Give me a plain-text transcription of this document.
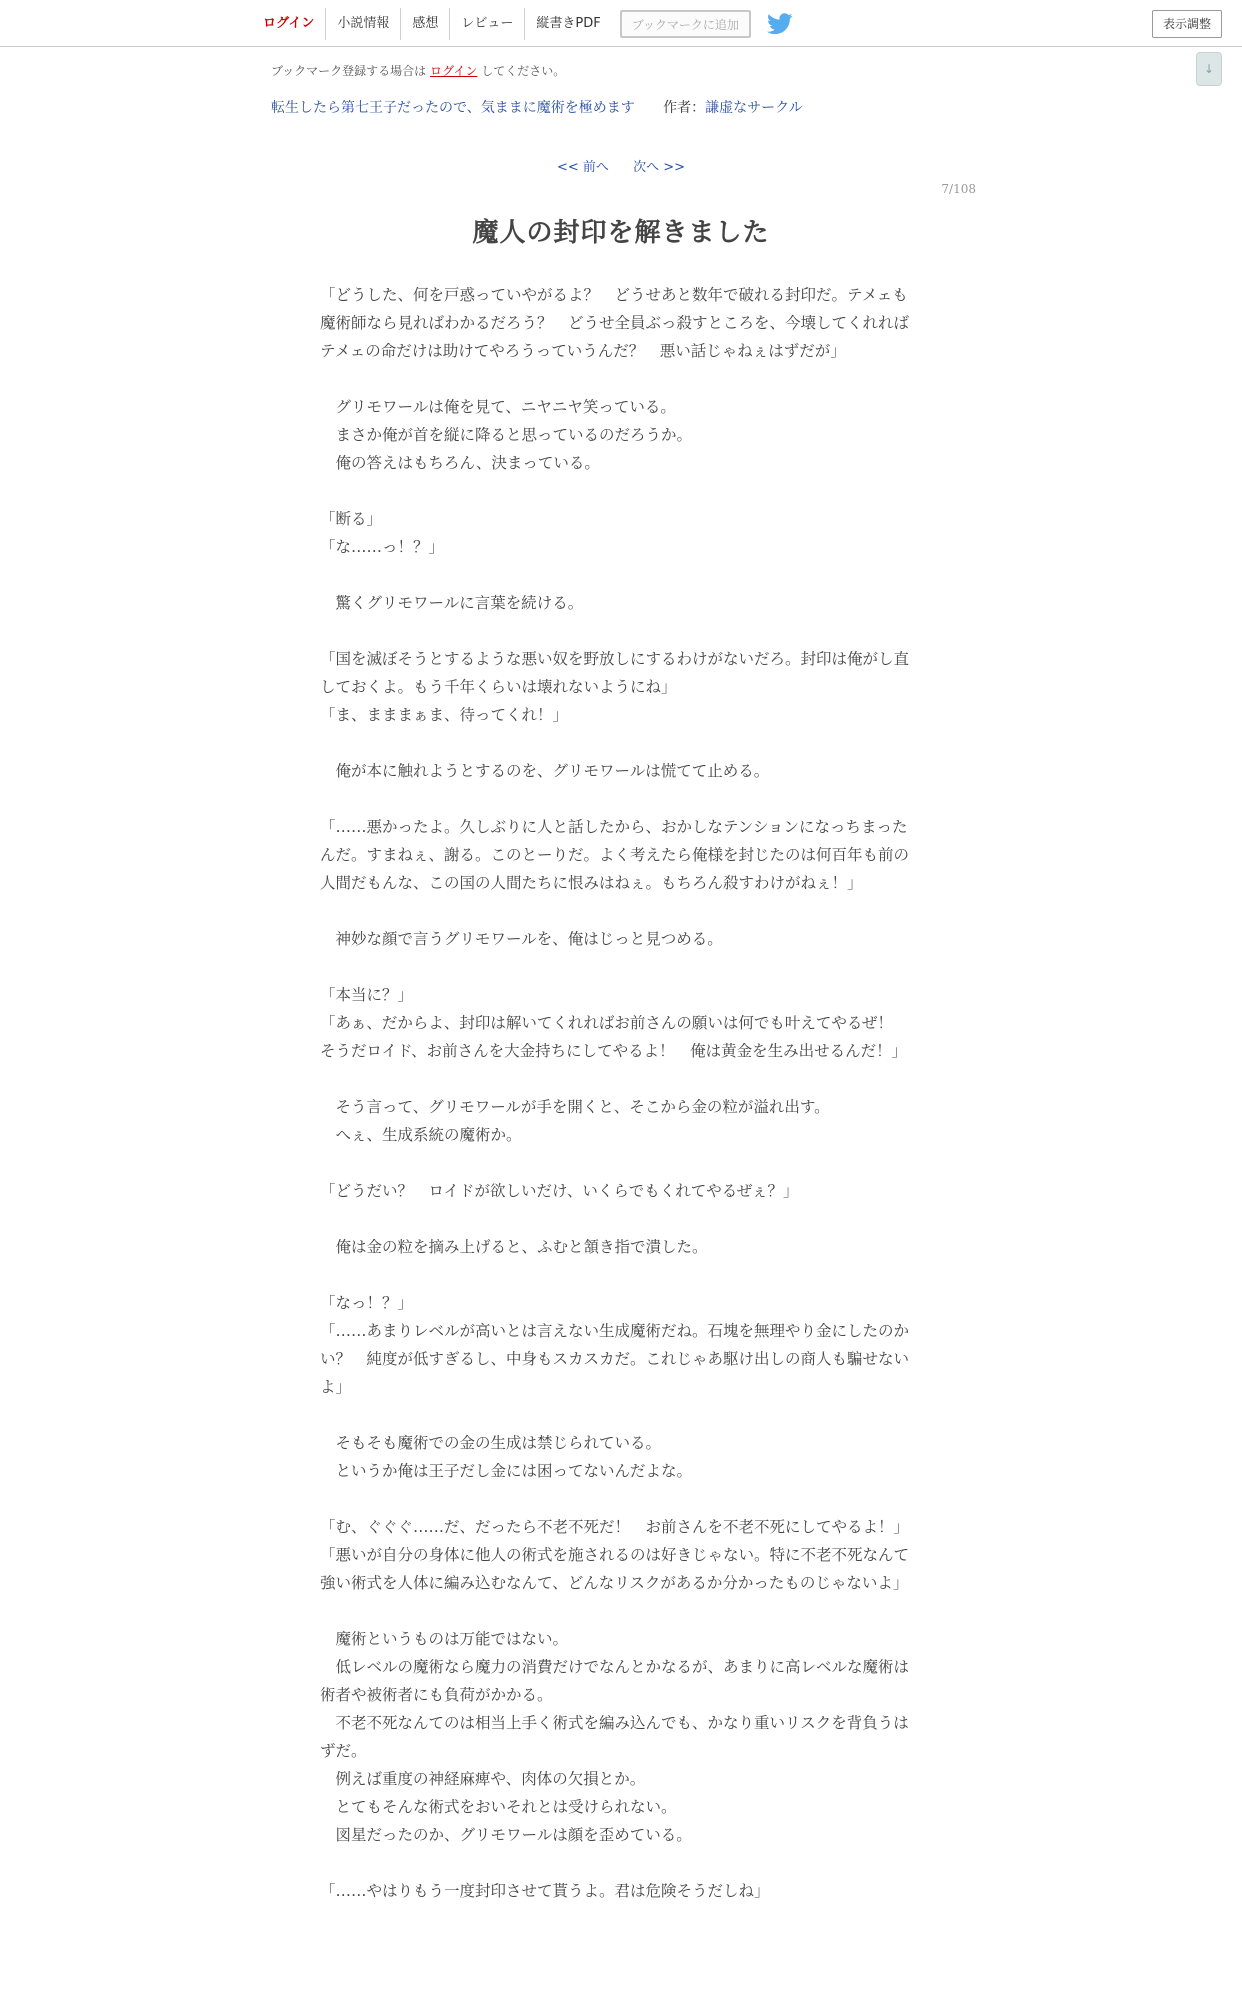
ログイン	小説情報	感想	レビュー	縦書きPDF	ブックマークに追加	表示調整
↓
ブックマーク登録する場合は ログイン してください。
転生したら第七王子だったので、気ままに魔術を極めます 作者：謙虚なサークル
<< 前へ 次へ >>
7/108
魔人の封印を解きました

「どうした、何を戸惑っていやがるよ？　どうせあと数年で破れる封印だ。テメェも魔術師なら見ればわかるだろう？　どうせ全員ぶっ殺すところを、今壊してくれればテメェの命だけは助けてやろうっていうんだ？　悪い話じゃねぇはずだが」

　グリモワールは俺を見て、ニヤニヤ笑っている。

　まさか俺が首を縦に降ると思っているのだろうか。

　俺の答えはもちろん、決まっている。

「断る」

「な……っ！？」

　驚くグリモワールに言葉を続ける。

「国を滅ぼそうとするような悪い奴を野放しにするわけがないだろ。封印は俺がし直しておくよ。もう千年くらいは壊れないようにね」

「ま、まままぁま、待ってくれ！」

　俺が本に触れようとするのを、グリモワールは慌てて止める。

「……悪かったよ。久しぶりに人と話したから、おかしなテンションになっちまったんだ。すまねぇ、謝る。このとーりだ。よく考えたら俺様を封じたのは何百年も前の人間だもんな、この国の人間たちに恨みはねぇ。もちろん殺すわけがねぇ！」

　神妙な顔で言うグリモワールを、俺はじっと見つめる。

「本当に？」

「あぁ、だからよ、封印は解いてくれればお前さんの願いは何でも叶えてやるぜ！　そうだロイド、お前さんを大金持ちにしてやるよ！　俺は黄金を生み出せるんだ！」

　そう言って、グリモワールが手を開くと、そこから金の粒が溢れ出す。

　へぇ、生成系統の魔術か。

「どうだい？　ロイドが欲しいだけ、いくらでもくれてやるぜぇ？」

　俺は金の粒を摘み上げると、ふむと頷き指で潰した。

「なっ！？」

「……あまりレベルが高いとは言えない生成魔術だね。石塊を無理やり金にしたのかい？　純度が低すぎるし、中身もスカスカだ。これじゃあ駆け出しの商人も騙せないよ」

　そもそも魔術での金の生成は禁じられている。

　というか俺は王子だし金には困ってないんだよな。

「む、ぐぐぐ……だ、だったら不老不死だ！　お前さんを不老不死にしてやるよ！」

「悪いが自分の身体に他人の術式を施されるのは好きじゃない。特に不老不死なんて強い術式を人体に編み込むなんて、どんなリスクがあるか分かったものじゃないよ」

　魔術というものは万能ではない。

　低レベルの魔術なら魔力の消費だけでなんとかなるが、あまりに高レベルな魔術は術者や被術者にも負荷がかかる。

　不老不死なんてのは相当上手く術式を編み込んでも、かなり重いリスクを背負うはずだ。

　例えば重度の神経麻痺や、肉体の欠損とか。

　とてもそんな術式をおいそれとは受けられない。

　図星だったのか、グリモワールは顔を歪めている。

「……やはりもう一度封印させて貰うよ。君は危険そうだしね」
